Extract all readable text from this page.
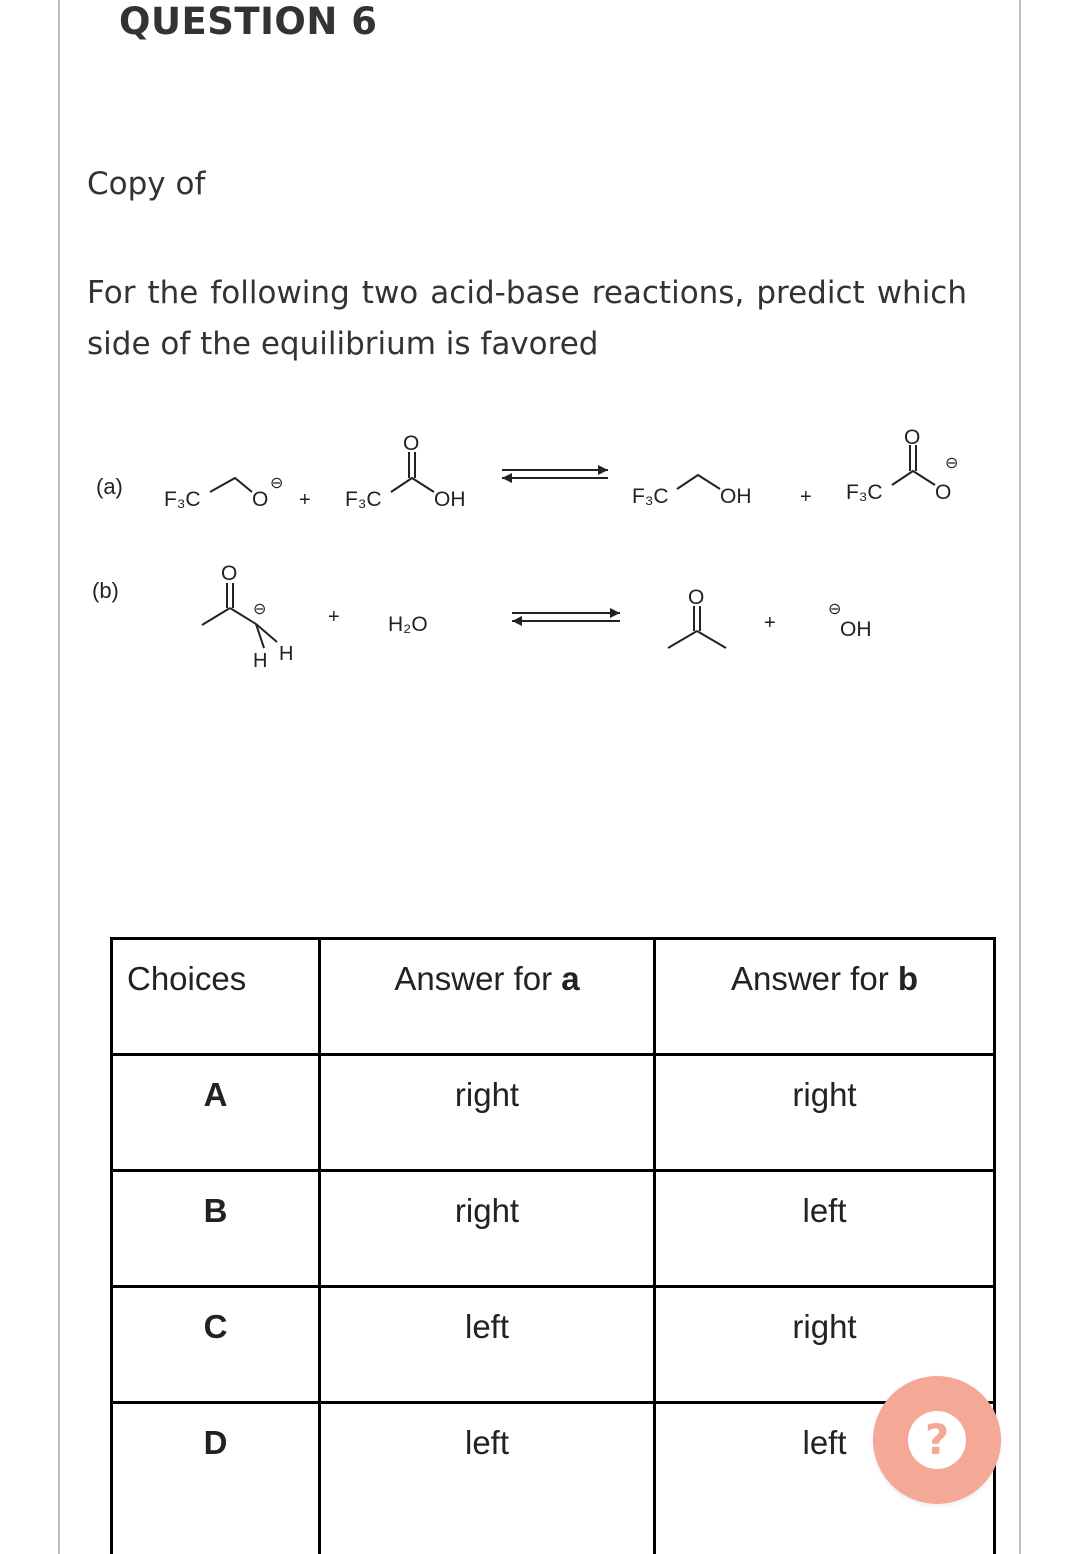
QUESTION 6
Copy of
For the following two acid-base reactions, predict which side of the equilibrium is favored
(a)
F₃C O
⊖
+ F₃C
O
OH	F₃C OH + F₃C
O
O
⊖
(b)
O
⊖
H H
+ H₂O
O
+
⊖
OH
Choices	Answer for a	Answer for b
A	right	right
B	right	left
C	left	right
D	left	left	?
